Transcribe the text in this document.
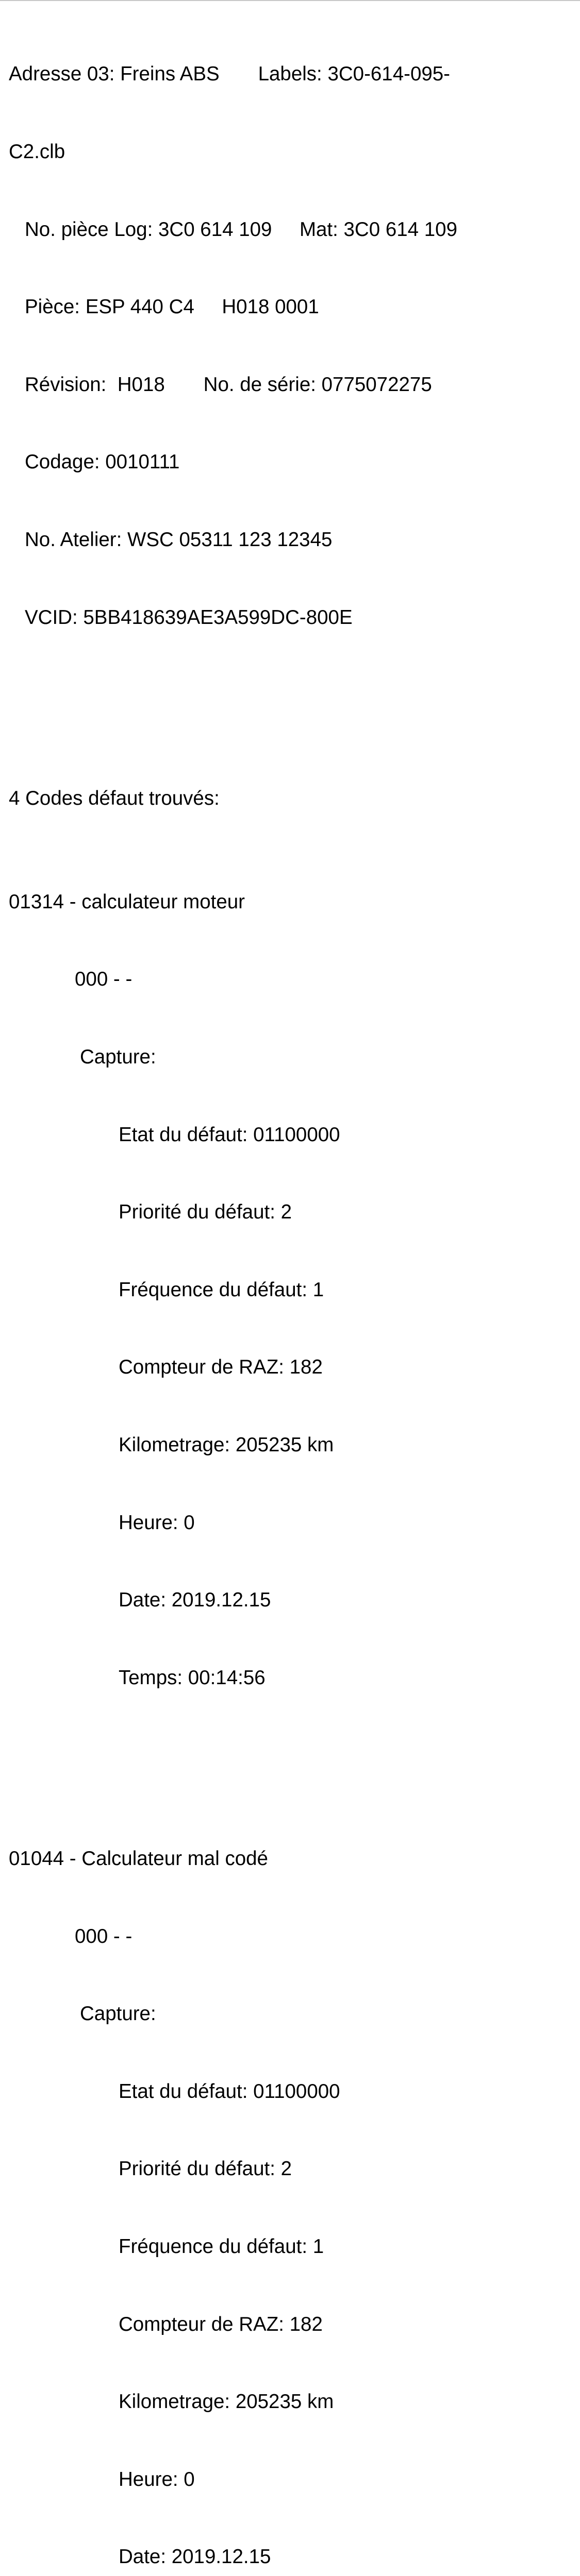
Adresse 03: Freins ABS       Labels: 3C0-614-095-

C2.clb

No. pièce Log: 3C0 614 109     Mat: 3C0 614 109

Pièce: ESP 440 C4     H018 0001

Révision:  H018       No. de série: 0775072275

Codage: 0010111

No. Atelier: WSC 05311 123 12345

VCID: 5BB418639AE3A599DC-800E

4 Codes défaut trouvés:

01314 - calculateur moteur

000 - -

Capture:

Etat du défaut: 01100000

Priorité du défaut: 2

Fréquence du défaut: 1

Compteur de RAZ: 182

Kilometrage: 205235 km

Heure: 0

Date: 2019.12.15

Temps: 00:14:56

01044 - Calculateur mal codé

000 - -

Capture:

Etat du défaut: 01100000

Priorité du défaut: 2

Fréquence du défaut: 1

Compteur de RAZ: 182

Kilometrage: 205235 km

Heure: 0

Date: 2019.12.15
